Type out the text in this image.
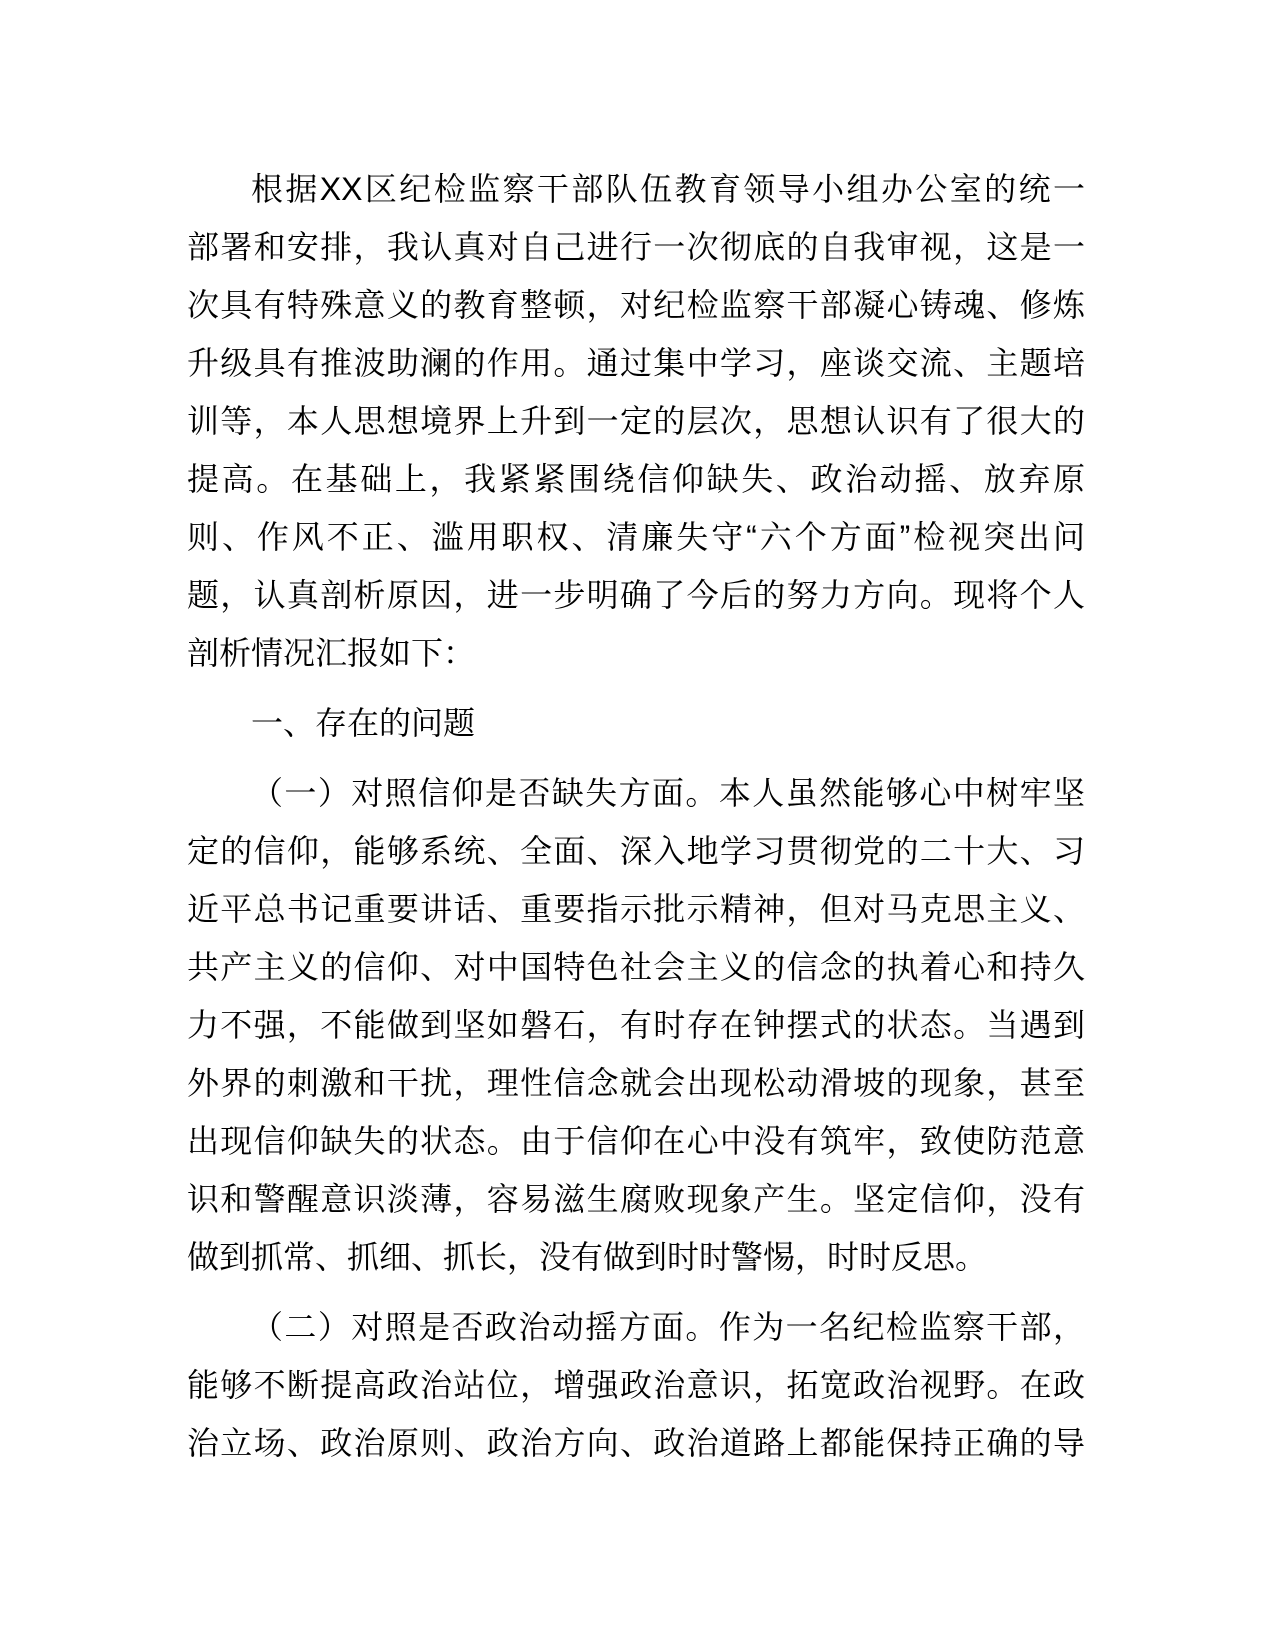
根据XX区纪检监察干部队伍教育领导小组办公室的统一
部署和安排，我认真对自己进行一次彻底的自我审视，这是一
次具有特殊意义的教育整顿，对纪检监察干部凝心铸魂、修炼
升级具有推波助澜的作用。通过集中学习，座谈交流、主题培
训等，本人思想境界上升到一定的层次，思想认识有了很大的
提高。在基础上，我紧紧围绕信仰缺失、政治动摇、放弃原
则、作风不正、滥用职权、清廉失守“六个方面”检视突出问
题，认真剖析原因，进一步明确了今后的努力方向。现将个人
剖析情况汇报如下：
一、存在的问题
（一）对照信仰是否缺失方面。本人虽然能够心中树牢坚
定的信仰，能够系统、全面、深入地学习贯彻党的二十大、习
近平总书记重要讲话、重要指示批示精神，但对马克思主义、
共产主义的信仰、对中国特色社会主义的信念的执着心和持久
力不强，不能做到坚如磐石，有时存在钟摆式的状态。当遇到
外界的刺激和干扰，理性信念就会出现松动滑坡的现象，甚至
出现信仰缺失的状态。由于信仰在心中没有筑牢，致使防范意
识和警醒意识淡薄，容易滋生腐败现象产生。坚定信仰，没有
做到抓常、抓细、抓长，没有做到时时警惕，时时反思。
（二）对照是否政治动摇方面。作为一名纪检监察干部，
能够不断提高政治站位，增强政治意识，拓宽政治视野。在政
治立场、政治原则、政治方向、政治道路上都能保持正确的导
